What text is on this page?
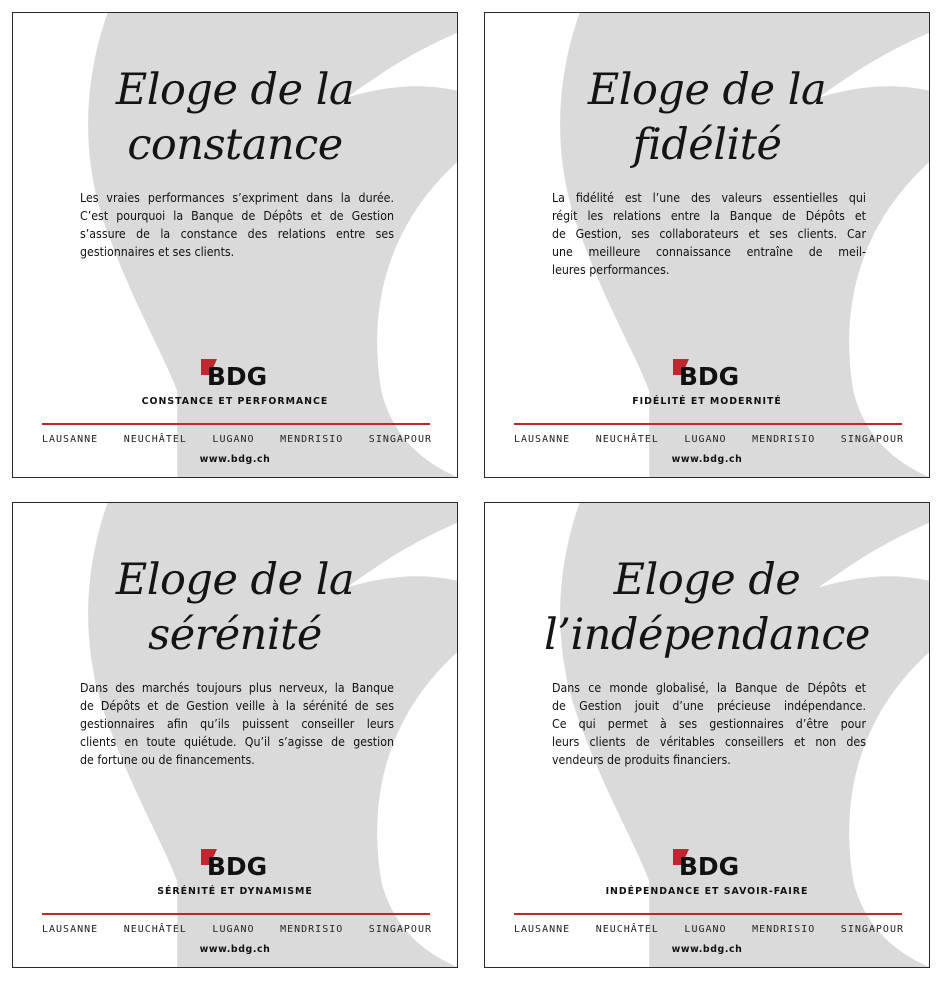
Eloge de la
constance
Les vraies performances s’expriment dans la durée.
C’est pourquoi la Banque de Dépôts et de Gestion
s’assure de la constance des relations entre ses
gestionnaires et ses clients.
BDG
CONSTANCE ET PERFORMANCE
LAUSANNE	NEUCHÂTEL	LUGANO	MENDRISIO	SINGAPOUR
www.bdg.ch
Eloge de la
fidélité
La fidélité est l’une des valeurs essentielles qui
régit les relations entre la Banque de Dépôts et
de Gestion, ses collaborateurs et ses clients. Car
une meilleure connaissance entraîne de meil-
leures performances.
BDG
FIDÉLITÉ ET MODERNITÉ
LAUSANNE	NEUCHÂTEL	LUGANO	MENDRISIO	SINGAPOUR
www.bdg.ch
Eloge de la
sérénité
Dans des marchés toujours plus nerveux, la Banque
de Dépôts et de Gestion veille à la sérénité de ses
gestionnaires afin qu’ils puissent conseiller leurs
clients en toute quiétude. Qu’il s’agisse de gestion
de fortune ou de financements.
BDG
SÉRÉNITÉ ET DYNAMISME
LAUSANNE	NEUCHÂTEL	LUGANO	MENDRISIO	SINGAPOUR
www.bdg.ch
Eloge de
l’indépendance
Dans ce monde globalisé, la Banque de Dépôts et
de Gestion jouit d’une précieuse indépendance.
Ce qui permet à ses gestionnaires d’être pour
leurs clients de véritables conseillers et non des
vendeurs de produits financiers.
BDG
INDÉPENDANCE ET SAVOIR-FAIRE
LAUSANNE	NEUCHÂTEL	LUGANO	MENDRISIO	SINGAPOUR
www.bdg.ch
